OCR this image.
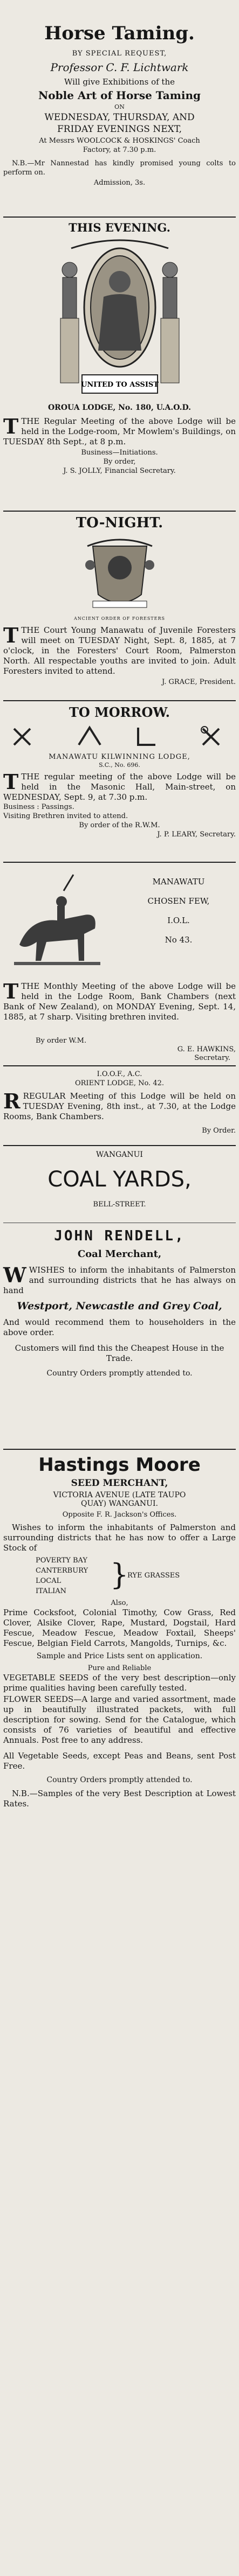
Horse Taming.
BY SPECIAL REQUEST,
Professor C. F. Lichtwark
Will give Exhibitions of the
Noble Art of Horse Taming
ON
WEDNESDAY, THURSDAY, AND
FRIDAY EVENINGS NEXT,
At Messrs WOOLCOCK & HOSKINGS' Coach
Factory, at 7.30 p.m.

N.B.—Mr Nannestad has kindly promised young colts to perform on.

Admission, 3s.
THIS EVENING.
UNITED TO ASSIST
OROUA LODGE, No. 180, U.A.O.D.

TTHE Regular Meeting of the above Lodge will be held in the Lodge-room, Mr Mowlem's Buildings, on TUESDAY 8th Sept., at 8 p.m.

Business—Initiations.
By order,
J. S. JOLLY, Financial Secretary.
TO-NIGHT.
ANCIENT ORDER OF FORESTERS

TTHE Court Young Manawatu of Juvenile Foresters will meet on TUESDAY Night, Sept. 8, 1885, at 7 o'clock, in the Foresters' Court Room, Palmerston North. All respectable youths are invited to join. Adult Foresters invited to attend.

J. GRACE, President.
TO MORROW.
MANAWATU KILWINNING LODGE,
S.C., No. 696.

TTHE regular meeting of the above Lodge will be held in the Masonic Hall, Main-street, on WEDNESDAY, Sept. 9, at 7.30 p.m.

Business : Passings.
Visiting Brethren invited to attend.
By order of the R.W.M.
J. P. LEARY, Secretary.
MANAWATU
CHOSEN FEW,
I.O.L.
No 43.

TTHE Monthly Meeting of the above Lodge will be held in the Lodge Room, Bank Chambers (next Bank of New Zealand), on MONDAY Evening, Sept. 14, 1885, at 7 sharp. Visiting brethren invited.

By order W.M.
G. E. HAWKINS,
Secretary.
I.O.O.F., A.C.
ORIENT LODGE, No. 42.

RREGULAR Meeting of this Lodge will be held on TUESDAY Evening, 8th inst., at 7.30, at the Lodge Rooms, Bank Chambers.

By Order.
WANGANUI
COAL YARDS,
BELL-STREET.
JOHN RENDELL,
Coal Merchant,

WWISHES to inform the inhabitants of Palmerston and surrounding districts that he has always on hand

Westport, Newcastle and Grey Coal,

And would recommend them to householders in the above order.

Customers will find this the Cheapest House in the Trade.

Country Orders promptly attended to.
Hastings Moore
SEED MERCHANT,
VICTORIA AVENUE (LATE TAUPO
QUAY) WANGANUI.
Opposite F. R. Jackson's Offices.

Wishes to inform the inhabitants of Palmerston and surrounding districts that he has now to offer a Large Stock of

POVERTY BAY
CANTERBURY
LOCAL
ITALIAN	}
RYE GRASSES
Also,

Prime Cocksfoot, Colonial Timothy, Cow Grass, Red Clover, Alsike Clover, Rape, Mustard, Dogstail, Hard Fescue, Meadow Fescue, Meadow Foxtail, Sheeps' Fescue, Belgian Field Carrots, Mangolds, Turnips, &c.

Sample and Price Lists sent on application.
Pure and Reliable

VEGETABLE SEEDS of the very best description—only prime qualities having been carefully tested.

FLOWER SEEDS—A large and varied assortment, made up in beautifully illustrated packets, with full description for sowing. Send for the Catalogue, which consists of 76 varieties of beautiful and effective Annuals. Post free to any address.

All Vegetable Seeds, except Peas and Beans, sent Post Free.

Country Orders promptly attended to.

N.B.—Samples of the very Best Description at Lowest Rates.
